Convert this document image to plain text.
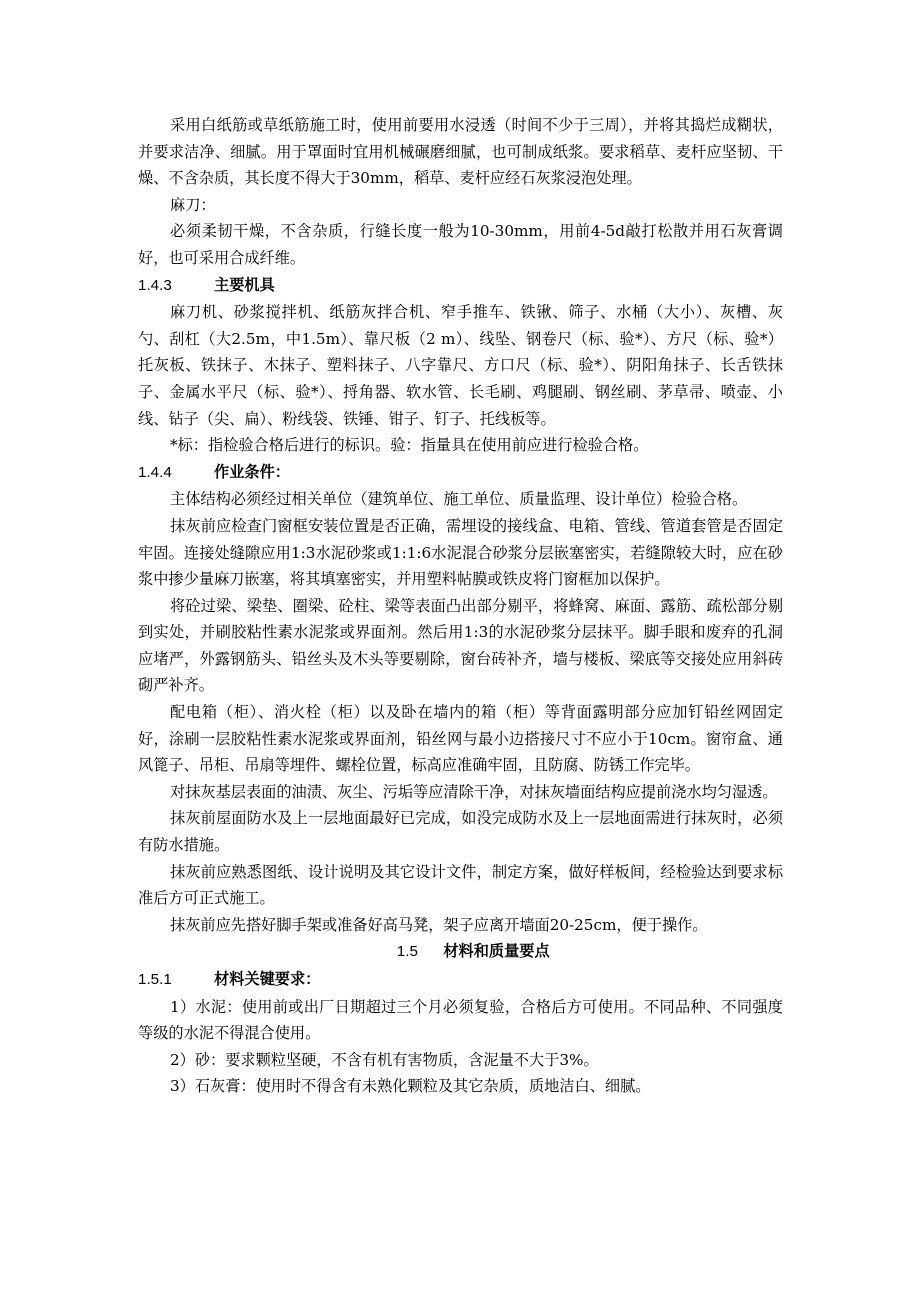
采用白纸筋或草纸筋施工时，使用前要用水浸透（时间不少于三周），并将其捣烂成糊状，并要求洁净、细腻。用于罩面时宜用机械碾磨细腻，也可制成纸浆。要求稻草、麦杆应坚韧、干燥、不含杂质，其长度不得大于30mm，稻草、麦杆应经石灰浆浸泡处理。

麻刀：

必须柔韧干燥，不含杂质，行缝长度一般为10-30mm，用前4-5d敲打松散并用石灰膏调好，也可采用合成纤维。

1.4.3	主要机具

麻刀机、砂浆搅拌机、纸筋灰拌合机、窄手推车、铁锹、筛子、水桶（大小）、灰槽、灰勺、刮杠（大2.5m，中1.5m）、靠尺板（2 m）、线坠、钢卷尺（标、验*）、方尺（标、验*）托灰板、铁抹子、木抹子、塑料抹子、八字靠尺、方口尺（标、验*）、阴阳角抹子、长舌铁抹子、金属水平尺（标、验*）、捋角器、软水管、长毛刷、鸡腿刷、钢丝刷、茅草帚、喷壶、小线、钻子（尖、扁）、粉线袋、铁锤、钳子、钉子、托线板等。

*标：指检验合格后进行的标识。验：指量具在使用前应进行检验合格。

1.4.4	作业条件：

主体结构必须经过相关单位（建筑单位、施工单位、质量监理、设计单位）检验合格。

抹灰前应检查门窗框安装位置是否正确，需埋设的接线盒、电箱、管线、管道套管是否固定牢固。连接处缝隙应用1:3水泥砂浆或1:1:6水泥混合砂浆分层嵌塞密实，若缝隙较大时，应在砂浆中掺少量麻刀嵌塞，将其填塞密实，并用塑料帖膜或铁皮将门窗框加以保护。

将砼过梁、梁垫、圈梁、砼柱、梁等表面凸出部分剔平，将蜂窝、麻面、露筋、疏松部分剔到实处，并刷胶粘性素水泥浆或界面剂。然后用1:3的水泥砂浆分层抹平。脚手眼和废弃的孔洞应堵严，外露钢筋头、铅丝头及木头等要剔除，窗台砖补齐，墙与楼板、梁底等交接处应用斜砖砌严补齐。

配电箱（柜）、消火栓（柜）以及卧在墙内的箱（柜）等背面露明部分应加钉铅丝网固定好，涂刷一层胶粘性素水泥浆或界面剂，铅丝网与最小边搭接尺寸不应小于10cm。窗帘盒、通风篦子、吊柜、吊扇等埋件、螺栓位置，标高应准确牢固，且防腐、防锈工作完毕。

对抹灰基层表面的油渍、灰尘、污垢等应清除干净，对抹灰墙面结构应提前浇水均匀湿透。

抹灰前屋面防水及上一层地面最好已完成，如没完成防水及上一层地面需进行抹灰时，必须有防水措施。

抹灰前应熟悉图纸、设计说明及其它设计文件，制定方案，做好样板间，经检验达到要求标准后方可正式施工。

抹灰前应先搭好脚手架或准备好高马凳，架子应离开墙面20-25cm，便于操作。

1.5 材料和质量要点
1.5.1	材料关键要求：

1）水泥：使用前或出厂日期超过三个月必须复验，合格后方可使用。不同品种、不同强度等级的水泥不得混合使用。

2）砂：要求颗粒坚硬，不含有机有害物质，含泥量不大于3%。

3）石灰膏：使用时不得含有未熟化颗粒及其它杂质，质地洁白、细腻。
